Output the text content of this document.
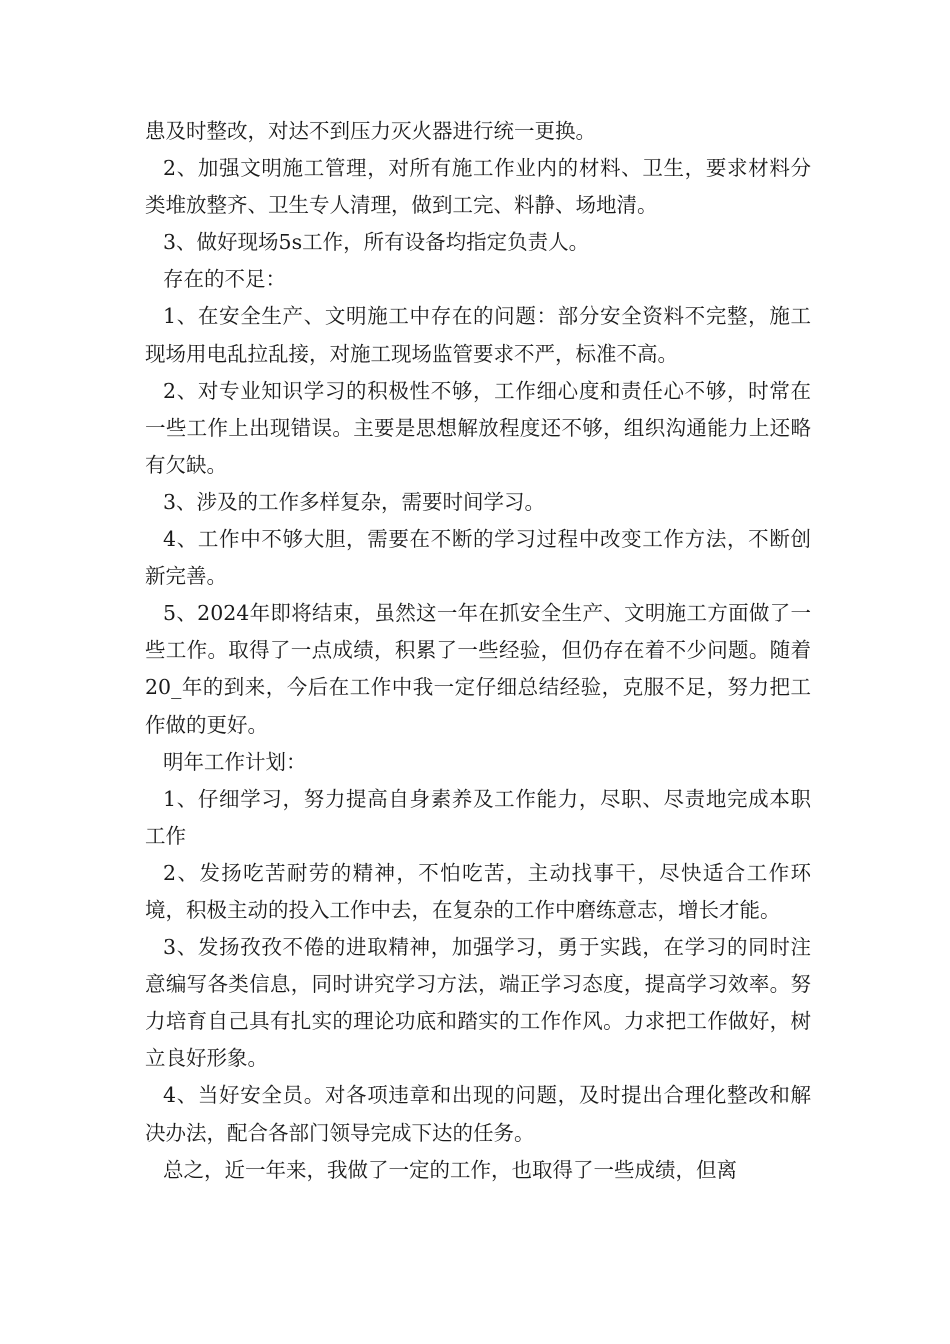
患及时整改，对达不到压力灭火器进行统一更换。

2、加强文明施工管理，对所有施工作业内的材料、卫生，要求材料分类堆放整齐、卫生专人清理，做到工完、料静、场地清。

3、做好现场5s工作，所有设备均指定负责人。

存在的不足：

1、在安全生产、文明施工中存在的问题：部分安全资料不完整，施工现场用电乱拉乱接，对施工现场监管要求不严，标准不高。

2、对专业知识学习的积极性不够，工作细心度和责任心不够，时常在一些工作上出现错误。主要是思想解放程度还不够，组织沟通能力上还略有欠缺。

3、涉及的工作多样复杂，需要时间学习。

4、工作中不够大胆，需要在不断的学习过程中改变工作方法，不断创新完善。

5、2024年即将结束，虽然这一年在抓安全生产、文明施工方面做了一些工作。取得了一点成绩，积累了一些经验，但仍存在着不少问题。随着20_年的到来，今后在工作中我一定仔细总结经验，克服不足，努力把工作做的更好。

明年工作计划：

1、仔细学习，努力提高自身素养及工作能力，尽职、尽责地完成本职工作

2、发扬吃苦耐劳的精神，不怕吃苦，主动找事干，尽快适合工作环境，积极主动的投入工作中去，在复杂的工作中磨练意志，增长才能。

3、发扬孜孜不倦的进取精神，加强学习，勇于实践，在学习的同时注意编写各类信息，同时讲究学习方法，端正学习态度，提高学习效率。努力培育自己具有扎实的理论功底和踏实的工作作风。力求把工作做好，树立良好形象。

4、当好安全员。对各项违章和出现的问题，及时提出合理化整改和解决办法，配合各部门领导完成下达的任务。

总之，近一年来，我做了一定的工作，也取得了一些成绩，但离
